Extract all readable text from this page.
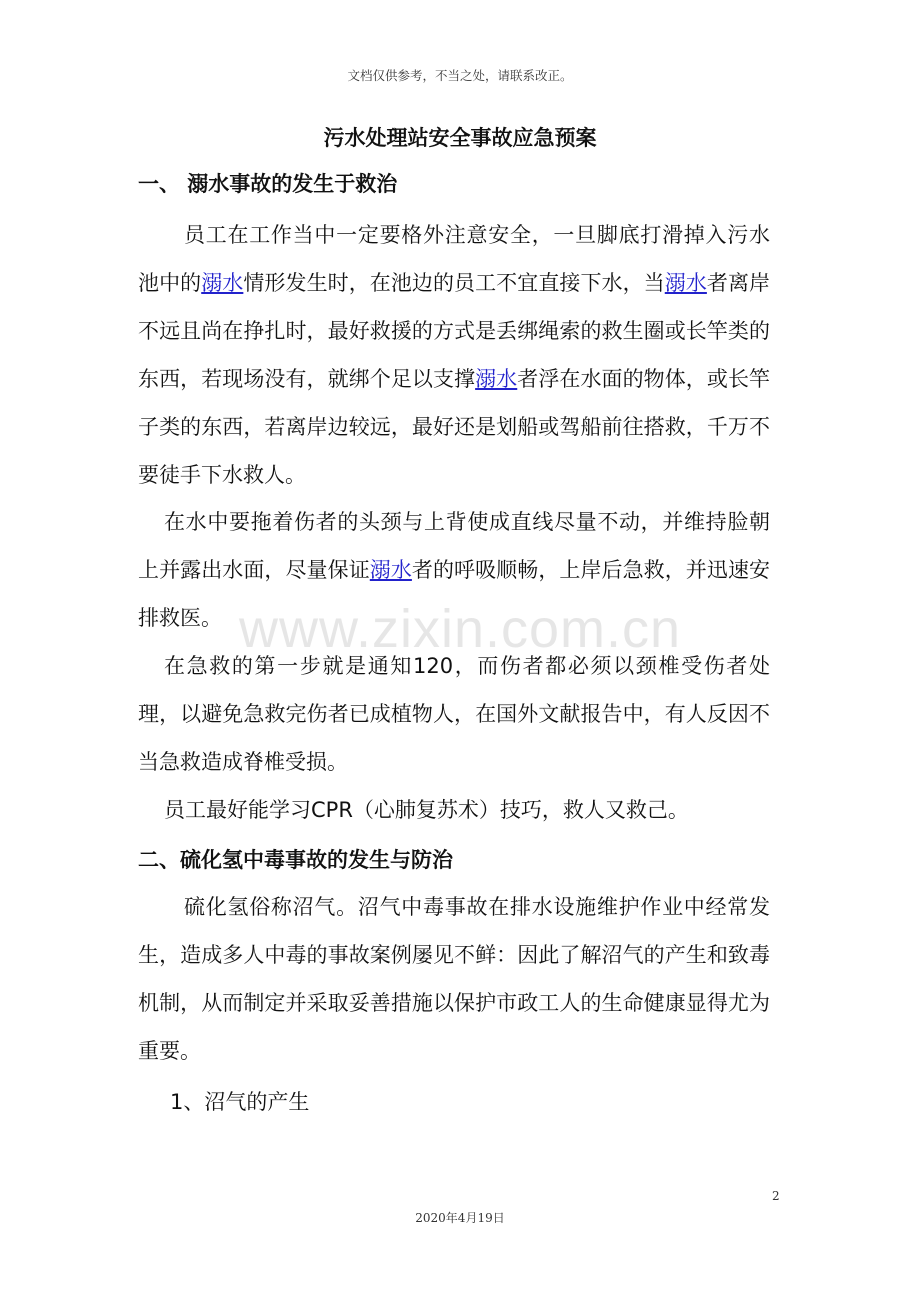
文档仅供参考，不当之处，请联系改正。
www.zixin.com.cn
污水处理站安全事故应急预案
一、 溺水事故的发生于救治

员工在工作当中一定要格外注意安全，一旦脚底打滑掉入污水池中的溺水情形发生时，在池边的员工不宜直接下水，当溺水者离岸不远且尚在挣扎时，最好救援的方式是丢绑绳索的救生圈或长竿类的东西，若现场没有，就绑个足以支撑溺水者浮在水面的物体，或长竿子类的东西，若离岸边较远，最好还是划船或驾船前往搭救，千万不要徒手下水救人。

在水中要拖着伤者的头颈与上背使成直线尽量不动，并维持脸朝上并露出水面，尽量保证溺水者的呼吸顺畅，上岸后急救，并迅速安排救医。

在急救的第一步就是通知120，而伤者都必须以颈椎受伤者处理，以避免急救完伤者已成植物人，在国外文献报告中，有人反因不当急救造成脊椎受损。

员工最好能学习CPR（心肺复苏术）技巧，救人又救己。

二、硫化氢中毒事故的发生与防治

硫化氢俗称沼气。沼气中毒事故在排水设施维护作业中经常发生，造成多人中毒的事故案例屡见不鲜：因此了解沼气的产生和致毒机制，从而制定并采取妥善措施以保护市政工人的生命健康显得尤为重要。

1、沼气的产生

2
2020年4月19日
